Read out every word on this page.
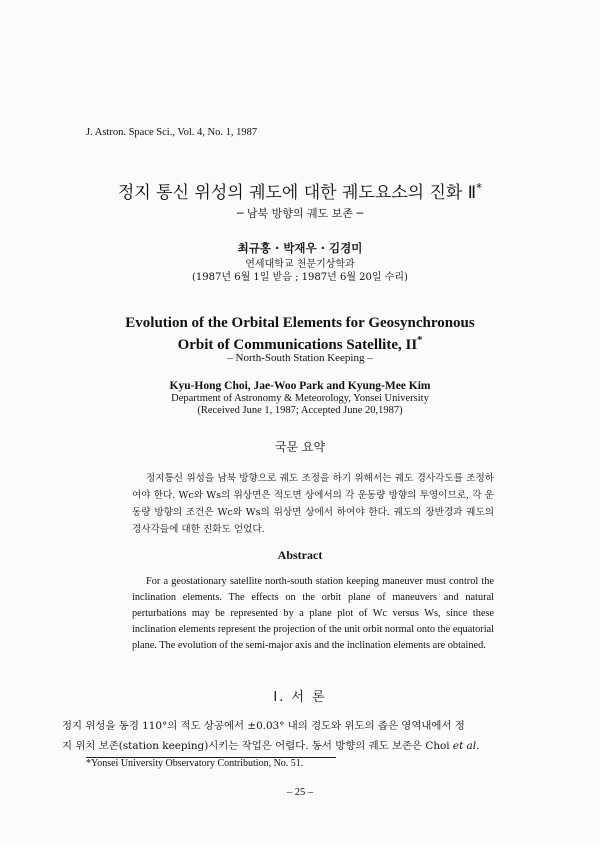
J. Astron. Space Sci., Vol. 4, No. 1, 1987
정지 통신 위성의 궤도에 대한 궤도요소의 진화 Ⅱ*
─ 남북 방향의 궤도 보존 ─
최규홍 · 박재우 · 김경미
연세대학교 천문기상학과
(1987년 6월 1일 받음 ; 1987년 6월 20일 수리)
Evolution of the Orbital Elements for Geosynchronous
Orbit of Communications Satellite, II*
– North-South Station Keeping –
Kyu-Hong Choi, Jae-Woo Park and Kyung-Mee Kim
Department of Astronomy & Meteorology, Yonsei University
(Received June 1, 1987; Accepted June 20,1987)
국문 요약
정지통신 위성을 남북 방향으로 궤도 조정을 하기 위해서는 궤도 경사각도를 조정하여야 한다. Wc와 Ws의 위상면은 적도면 상에서의 각 운동량 방향의 투영이므로, 각 운동량 방향의 조건은 Wc와 Ws의 위상면 상에서 하여야 한다. 궤도의 장반경과 궤도의 경사각들에 대한 진화도 얻었다.
Abstract
For a geostationary satellite north-south station keeping maneuver must control the inclination elements. The effects on the orbit plane of maneuvers and natural perturbations may be represented by a plane plot of Wc versus Ws, since these inclination elements represent the projection of the unit orbit normal onto the equatorial plane. The evolution of the semi-major axis and the inclination elements are obtained.
Ⅰ. 서 론
정지 위성을 동경 110°의 적도 상공에서 ±0.03° 내의 경도와 위도의 좁은 영역내에서 정
지 위치 보존(station keeping)시키는 작업은 어렵다. 동서 방향의 궤도 보존은 Choi et al.
*Yonsei University Observatory Contribution, No. 51.
– 25 –
